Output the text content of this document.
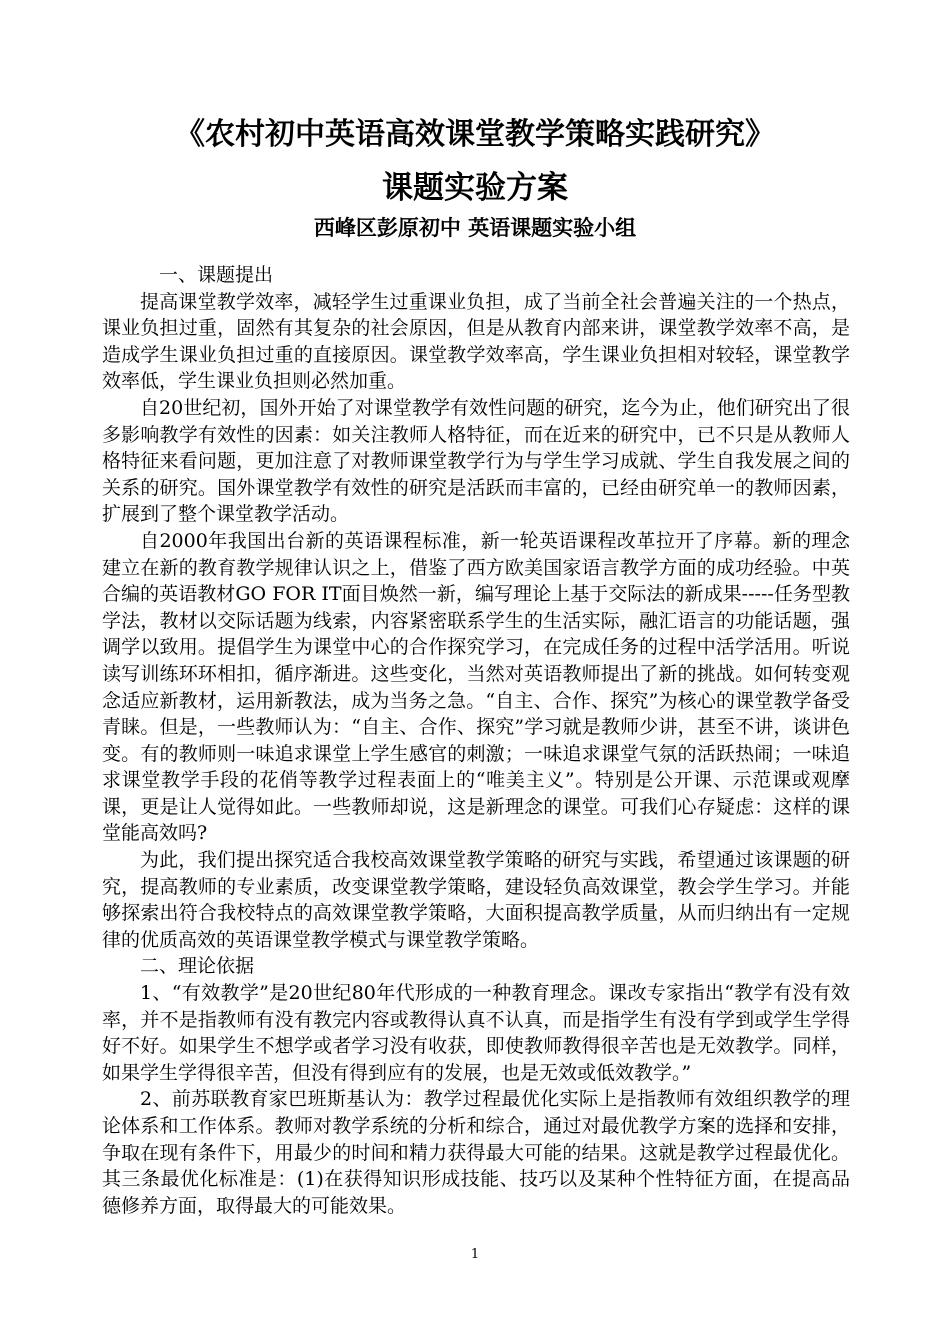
《农村初中英语高效课堂教学策略实践研究》
课题实验方案
西峰区彭原初中 英语课题实验小组

一、课题提出

提高课堂教学效率，减轻学生过重课业负担，成了当前全社会普遍关注的一个热点，课业负担过重，固然有其复杂的社会原因，但是从教育内部来讲，课堂教学效率不高，是造成学生课业负担过重的直接原因。课堂教学效率高，学生课业负担相对较轻，课堂教学效率低，学生课业负担则必然加重。

自20世纪初，国外开始了对课堂教学有效性问题的研究，迄今为止，他们研究出了很多影响教学有效性的因素：如关注教师人格特征，而在近来的研究中，已不只是从教师人格特征来看问题，更加注意了对教师课堂教学行为与学生学习成就、学生自我发展之间的关系的研究。国外课堂教学有效性的研究是活跃而丰富的，已经由研究单一的教师因素，扩展到了整个课堂教学活动。

自2000年我国出台新的英语课程标准，新一轮英语课程改革拉开了序幕。新的理念建立在新的教育教学规律认识之上，借鉴了西方欧美国家语言教学方面的成功经验。中英合编的英语教材GO FOR IT面目焕然一新，编写理论上基于交际法的新成果-----任务型教学法，教材以交际话题为线索，内容紧密联系学生的生活实际，融汇语言的功能话题，强调学以致用。提倡学生为课堂中心的合作探究学习，在完成任务的过程中活学活用。听说读写训练环环相扣，循序渐进。这些变化，当然对英语教师提出了新的挑战。如何转变观念适应新教材，运用新教法，成为当务之急。“自主、合作、探究”为核心的课堂教学备受青睐。但是，一些教师认为：“自主、合作、探究”学习就是教师少讲，甚至不讲，谈讲色变。有的教师则一味追求课堂上学生感官的刺激；一味追求课堂气氛的活跃热闹；一味追求课堂教学手段的花俏等教学过程表面上的“唯美主义”。特别是公开课、示范课或观摩课，更是让人觉得如此。一些教师却说，这是新理念的课堂。可我们心存疑虑：这样的课堂能高效吗?

为此，我们提出探究适合我校高效课堂教学策略的研究与实践，希望通过该课题的研究，提高教师的专业素质，改变课堂教学策略，建设轻负高效课堂，教会学生学习。并能够探索出符合我校特点的高效课堂教学策略，大面积提高教学质量，从而归纳出有一定规律的优质高效的英语课堂教学模式与课堂教学策略。

二、理论依据

1、“有效教学”是20世纪80年代形成的一种教育理念。课改专家指出“教学有没有效率，并不是指教师有没有教完内容或教得认真不认真，而是指学生有没有学到或学生学得好不好。如果学生不想学或者学习没有收获，即使教师教得很辛苦也是无效教学。同样，如果学生学得很辛苦，但没有得到应有的发展，也是无效或低效教学。”

2、前苏联教育家巴班斯基认为：教学过程最优化实际上是指教师有效组织教学的理论体系和工作体系。教师对教学系统的分析和综合，通过对最优教学方案的选择和安排，争取在现有条件下，用最少的时间和精力获得最大可能的结果。这就是教学过程最优化。其三条最优化标准是：(1)在获得知识形成技能、技巧以及某种个性特征方面，在提高品德修养方面，取得最大的可能效果。

1
